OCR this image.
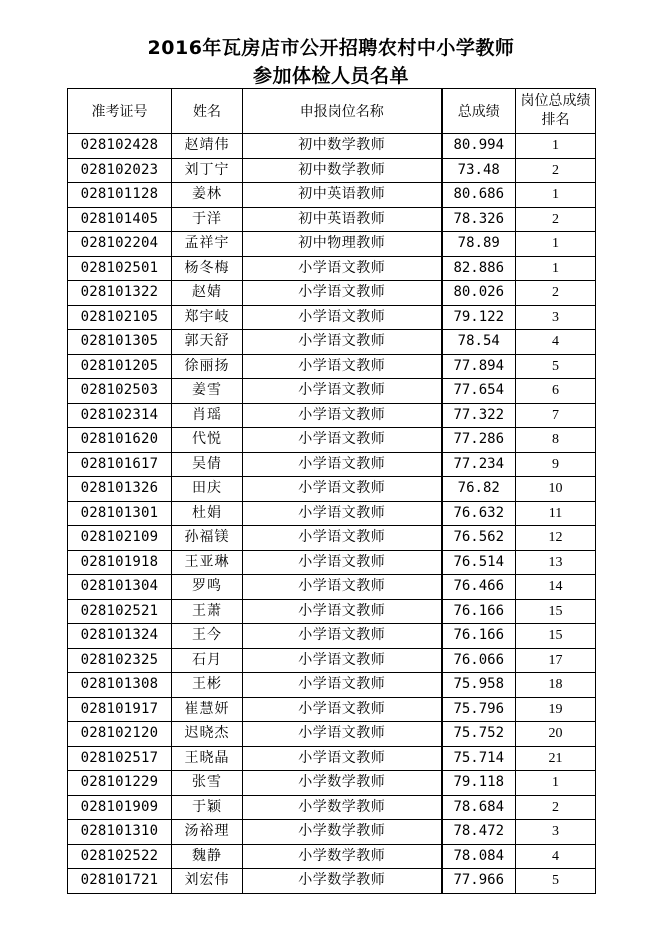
2016年瓦房店市公开招聘农村中小学教师
参加体检人员名单
准考证号	姓名	申报岗位名称	总成绩	岗位总成绩排名
028102428	赵靖伟	初中数学教师	80.994	1
028102023	刘丁宁	初中数学教师	73.48	2
028101128	姜林	初中英语教师	80.686	1
028101405	于洋	初中英语教师	78.326	2
028102204	孟祥宇	初中物理教师	78.89	1
028102501	杨冬梅	小学语文教师	82.886	1
028101322	赵婧	小学语文教师	80.026	2
028102105	郑宇岐	小学语文教师	79.122	3
028101305	郭天舒	小学语文教师	78.54	4
028101205	徐丽扬	小学语文教师	77.894	5
028102503	姜雪	小学语文教师	77.654	6
028102314	肖瑶	小学语文教师	77.322	7
028101620	代悦	小学语文教师	77.286	8
028101617	吴倩	小学语文教师	77.234	9
028101326	田庆	小学语文教师	76.82	10
028101301	杜娟	小学语文教师	76.632	11
028102109	孙福镁	小学语文教师	76.562	12
028101918	王亚琳	小学语文教师	76.514	13
028101304	罗鸣	小学语文教师	76.466	14
028102521	王萧	小学语文教师	76.166	15
028101324	王今	小学语文教师	76.166	15
028102325	石月	小学语文教师	76.066	17
028101308	王彬	小学语文教师	75.958	18
028101917	崔慧妍	小学语文教师	75.796	19
028102120	迟晓杰	小学语文教师	75.752	20
028102517	王晓晶	小学语文教师	75.714	21
028101229	张雪	小学数学教师	79.118	1
028101909	于颖	小学数学教师	78.684	2
028101310	汤裕理	小学数学教师	78.472	3
028102522	魏静	小学数学教师	78.084	4
028101721	刘宏伟	小学数学教师	77.966	5
